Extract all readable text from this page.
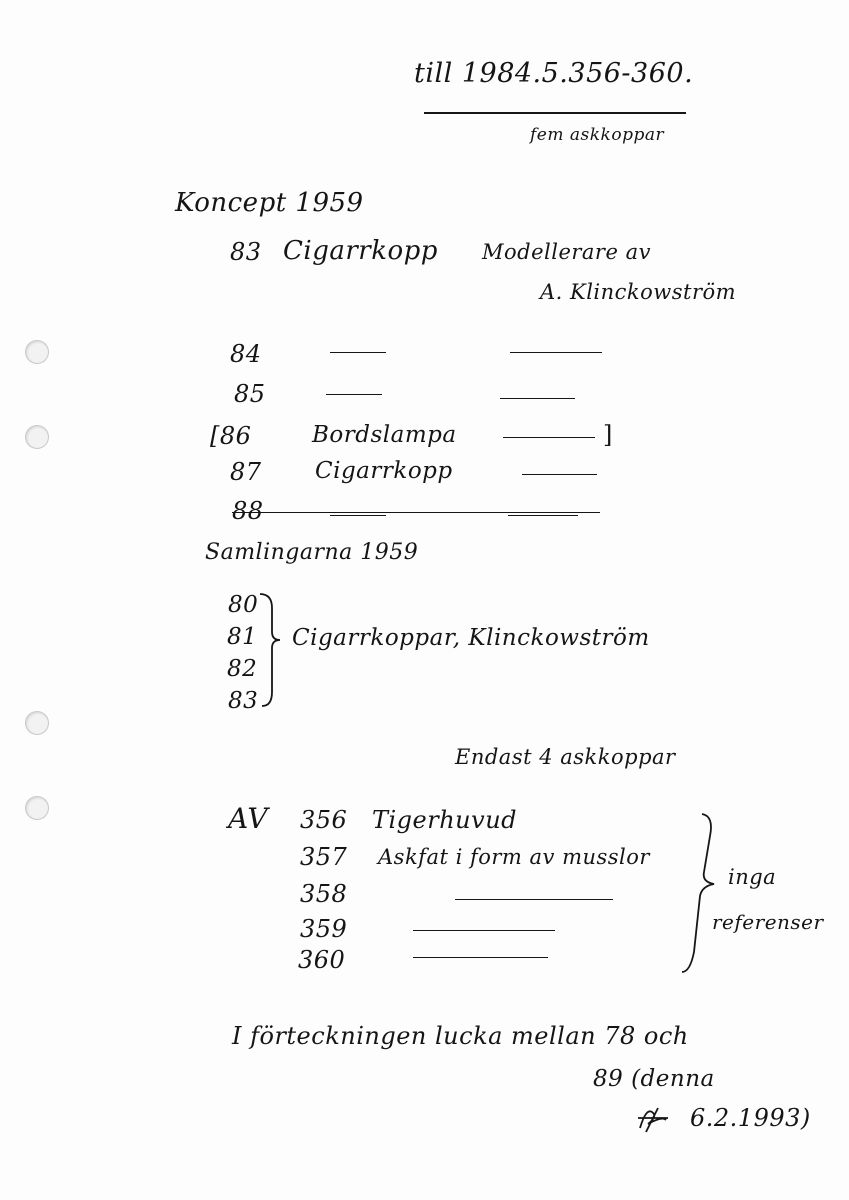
till 1984.5.356-360.
fem askkoppar
Koncept 1959
83 Cigarrkopp Modellerare av
A. Klinckowström
84
85
[86	Bordslampa	]
87 Cigarrkopp
88
Samlingarna 1959
80
81
82
83
Cigarrkoppar, Klinckowström
Endast 4 askkoppar
AV 356 Tigerhuvud
357 Askfat i form av musslor
358
359
360
inga
referenser
I förteckningen lucka mellan 78 och
89 (denna
6.2.1993)
